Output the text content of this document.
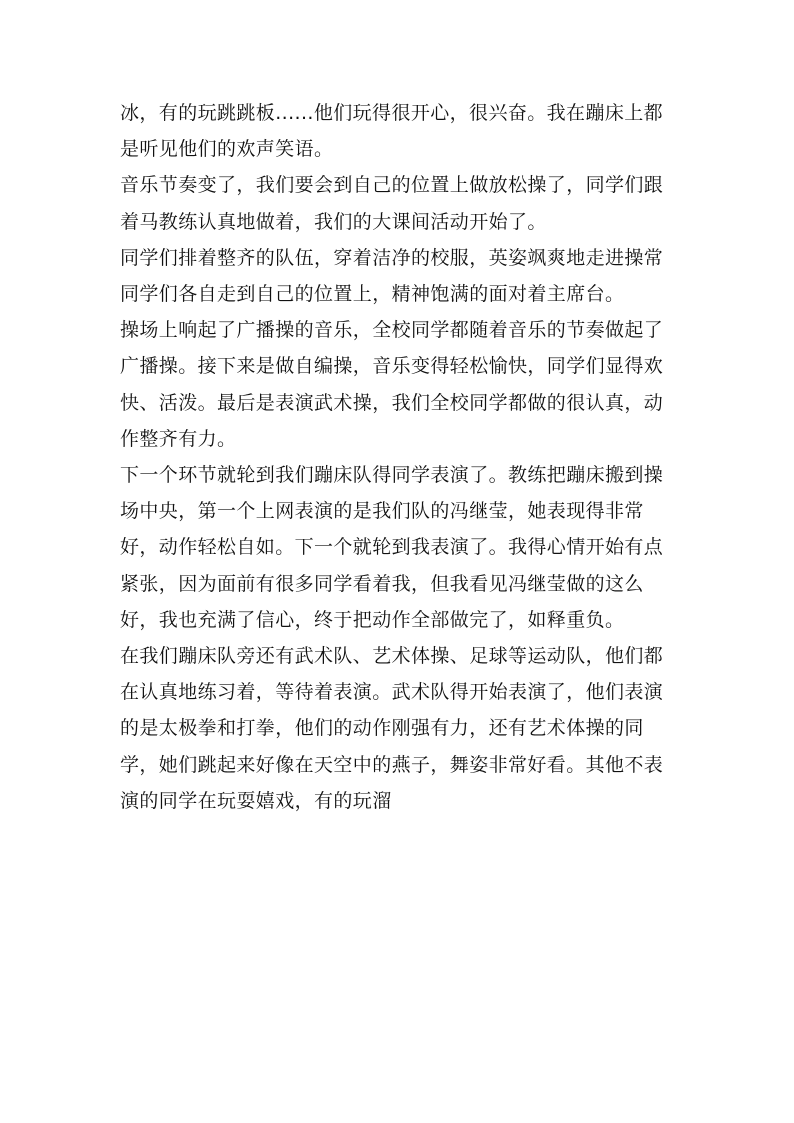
冰，有的玩跳跳板......他们玩得很开心，很兴奋。我在蹦床上都是听见他们的欢声笑语。

音乐节奏变了，我们要会到自己的位置上做放松操了，同学们跟着马教练认真地做着，我们的大课间活动开始了。

同学们排着整齐的队伍，穿着洁净的校服，英姿飒爽地走进操常同学们各自走到自己的位置上，精神饱满的面对着主席台。

操场上响起了广播操的音乐，全校同学都随着音乐的节奏做起了广播操。接下来是做自编操，音乐变得轻松愉快，同学们显得欢快、活泼。最后是表演武术操，我们全校同学都做的很认真，动作整齐有力。

下一个环节就轮到我们蹦床队得同学表演了。教练把蹦床搬到操场中央，第一个上网表演的是我们队的冯继莹，她表现得非常好，动作轻松自如。下一个就轮到我表演了。我得心情开始有点紧张，因为面前有很多同学看着我，但我看见冯继莹做的这么好，我也充满了信心，终于把动作全部做完了，如释重负。

在我们蹦床队旁还有武术队、艺术体操、足球等运动队，他们都在认真地练习着，等待着表演。武术队得开始表演了，他们表演的是太极拳和打拳，他们的动作刚强有力，还有艺术体操的同学，她们跳起来好像在天空中的燕子，舞姿非常好看。其他不表演的同学在玩耍嬉戏，有的玩溜
